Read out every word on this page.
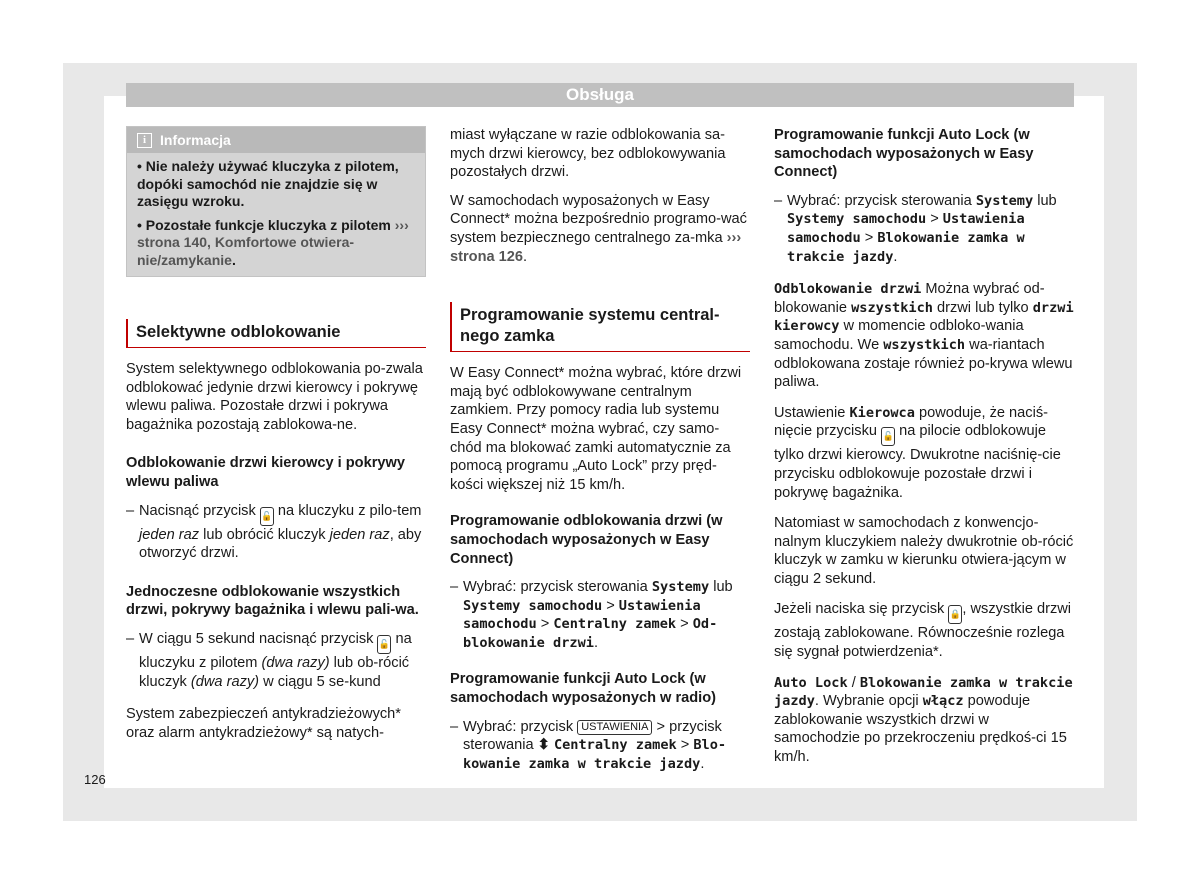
Obsługa
i Informacja

• Nie należy używać kluczyka z pilotem, dopóki samochód nie znajdzie się w zasięgu wzroku.

• Pozostałe funkcje kluczyka z pilotem ››› strona 140, Komfortowe otwiera-nie/zamykanie.

Selektywne odblokowanie

System selektywnego odblokowania po-zwala odblokować jedynie drzwi kierowcy i pokrywę wlewu paliwa. Pozostałe drzwi i pokrywa bagażnika pozostają zablokowa-ne.

Odblokowanie drzwi kierowcy i pokrywy wlewu paliwa

– Nacisnąć przycisk 🔓 na kluczyku z pilo-tem jeden raz lub obrócić kluczyk jeden raz, aby otworzyć drzwi.

Jednoczesne odblokowanie wszystkich drzwi, pokrywy bagażnika i wlewu pali-wa.

– W ciągu 5 sekund nacisnąć przycisk 🔓 na kluczyku z pilotem (dwa razy) lub ob-rócić kluczyk (dwa razy) w ciągu 5 se-kund

System zabezpieczeń antykradzieżowych* oraz alarm antykradzieżowy* są natych-

miast wyłączane w razie odblokowania sa-mych drzwi kierowcy, bez odblokowywania pozostałych drzwi.

W samochodach wyposażonych w Easy Connect* można bezpośrednio programo-wać system bezpiecznego centralnego za-mka ››› strona 126.

Programowanie systemu central-nego zamka

W Easy Connect* można wybrać, które drzwi mają być odblokowywane centralnym zamkiem. Przy pomocy radia lub systemu Easy Connect* można wybrać, czy samo-chód ma blokować zamki automatycznie za pomocą programu „Auto Lock” przy pręd-kości większej niż 15 km/h.

Programowanie odblokowania drzwi (w samochodach wyposażonych w Easy Connect)

– Wybrać: przycisk sterowania Systemy lub Systemy samochodu > Ustawienia samochodu > Centralny zamek > Od-blokowanie drzwi.

Programowanie funkcji Auto Lock (w samochodach wyposażonych w radio)

– Wybrać: przycisk USTAWIENIA > przycisk sterowania ⬍ Centralny zamek > Blo-kowanie zamka w trakcie jazdy.

Programowanie funkcji Auto Lock (w samochodach wyposażonych w Easy Connect)

– Wybrać: przycisk sterowania Systemy lub Systemy samochodu > Ustawienia samochodu > Blokowanie zamka w trakcie jazdy.

Odblokowanie drzwi Można wybrać od-blokowanie wszystkich drzwi lub tylko drzwi kierowcy w momencie odbloko-wania samochodu. We wszystkich wa-riantach odblokowana zostaje również po-krywa wlewu paliwa.

Ustawienie Kierowca powoduje, że naciś-nięcie przycisku 🔓 na pilocie odblokowuje tylko drzwi kierowcy. Dwukrotne naciśnię-cie przycisku odblokowuje pozostałe drzwi i pokrywę bagażnika.

Natomiast w samochodach z konwencjo-nalnym kluczykiem należy dwukrotnie ob-rócić kluczyk w zamku w kierunku otwiera-jącym w ciągu 2 sekund.

Jeżeli naciska się przycisk 🔒, wszystkie drzwi zostają zablokowane. Równocześnie rozlega się sygnał potwierdzenia*.

Auto Lock / Blokowanie zamka w trakcie jazdy. Wybranie opcji włącz powoduje zablokowanie wszystkich drzwi w samochodzie po przekroczeniu prędkoś-ci 15 km/h.

126
